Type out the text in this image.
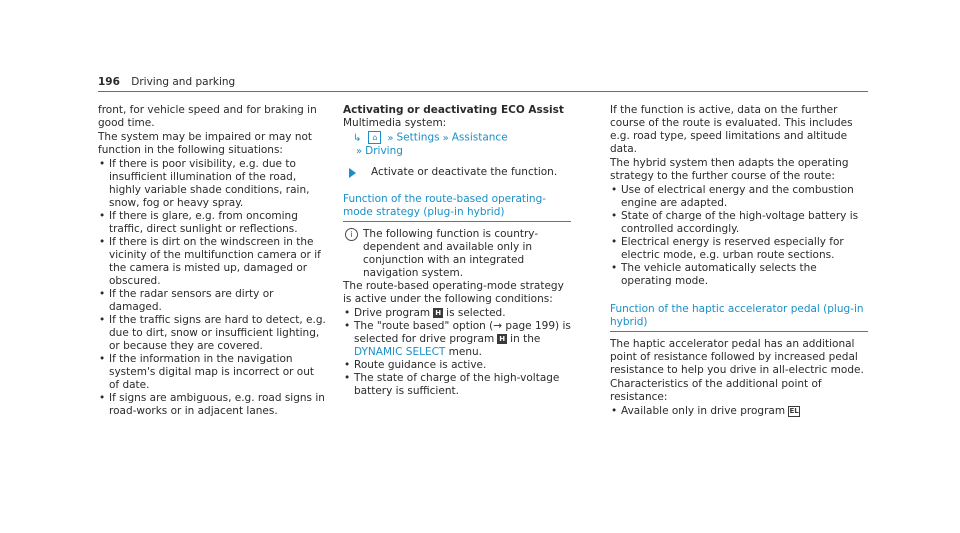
196 Driving and parking

front, for vehicle speed and for braking in good time.

The system may be impaired or may not function in the following situations:

• If there is poor visibility, e.g. due to insufficient illumination of the road, highly variable shade conditions, rain, snow, fog or heavy spray.
• If there is glare, e.g. from oncoming traffic, direct sunlight or reflections.
• If there is dirt on the windscreen in the vicinity of the multifunction camera or if the camera is misted up, damaged or obscured.
• If the radar sensors are dirty or damaged.
• If the traffic signs are hard to detect, e.g. due to dirt, snow or insufficient lighting, or because they are covered.
• If the information in the navigation system's digital map is incorrect or out of date.
• If signs are ambiguous, e.g. road signs in road-works or in adjacent lanes.
Activating or deactivating ECO Assist

Multimedia system:

↳ ⌂ » Settings » Assistance
» Driving
Activate or deactivate the function.
Function of the route-based operating-mode strategy (plug-in hybrid)
i The following function is country-dependent and available only in conjunction with an integrated navigation system.

The route-based operating-mode strategy is active under the following conditions:

• Drive program H is selected.
• The "route based" option (→ page 199) is selected for drive program H in the DYNAMIC SELECT menu.
• Route guidance is active.
• The state of charge of the high-voltage battery is sufficient.

If the function is active, data on the further course of the route is evaluated. This includes e.g. road type, speed limitations and altitude data.

The hybrid system then adapts the operating strategy to the further course of the route:

• Use of electrical energy and the combustion engine are adapted.
• State of charge of the high-voltage battery is controlled accordingly.
• Electrical energy is reserved especially for electric mode, e.g. urban route sections.
• The vehicle automatically selects the operating mode.
Function of the haptic accelerator pedal (plug-in hybrid)

The haptic accelerator pedal has an additional point of resistance followed by increased pedal resistance to help you drive in all-electric mode.

Characteristics of the additional point of resistance:

• Available only in drive program EL
